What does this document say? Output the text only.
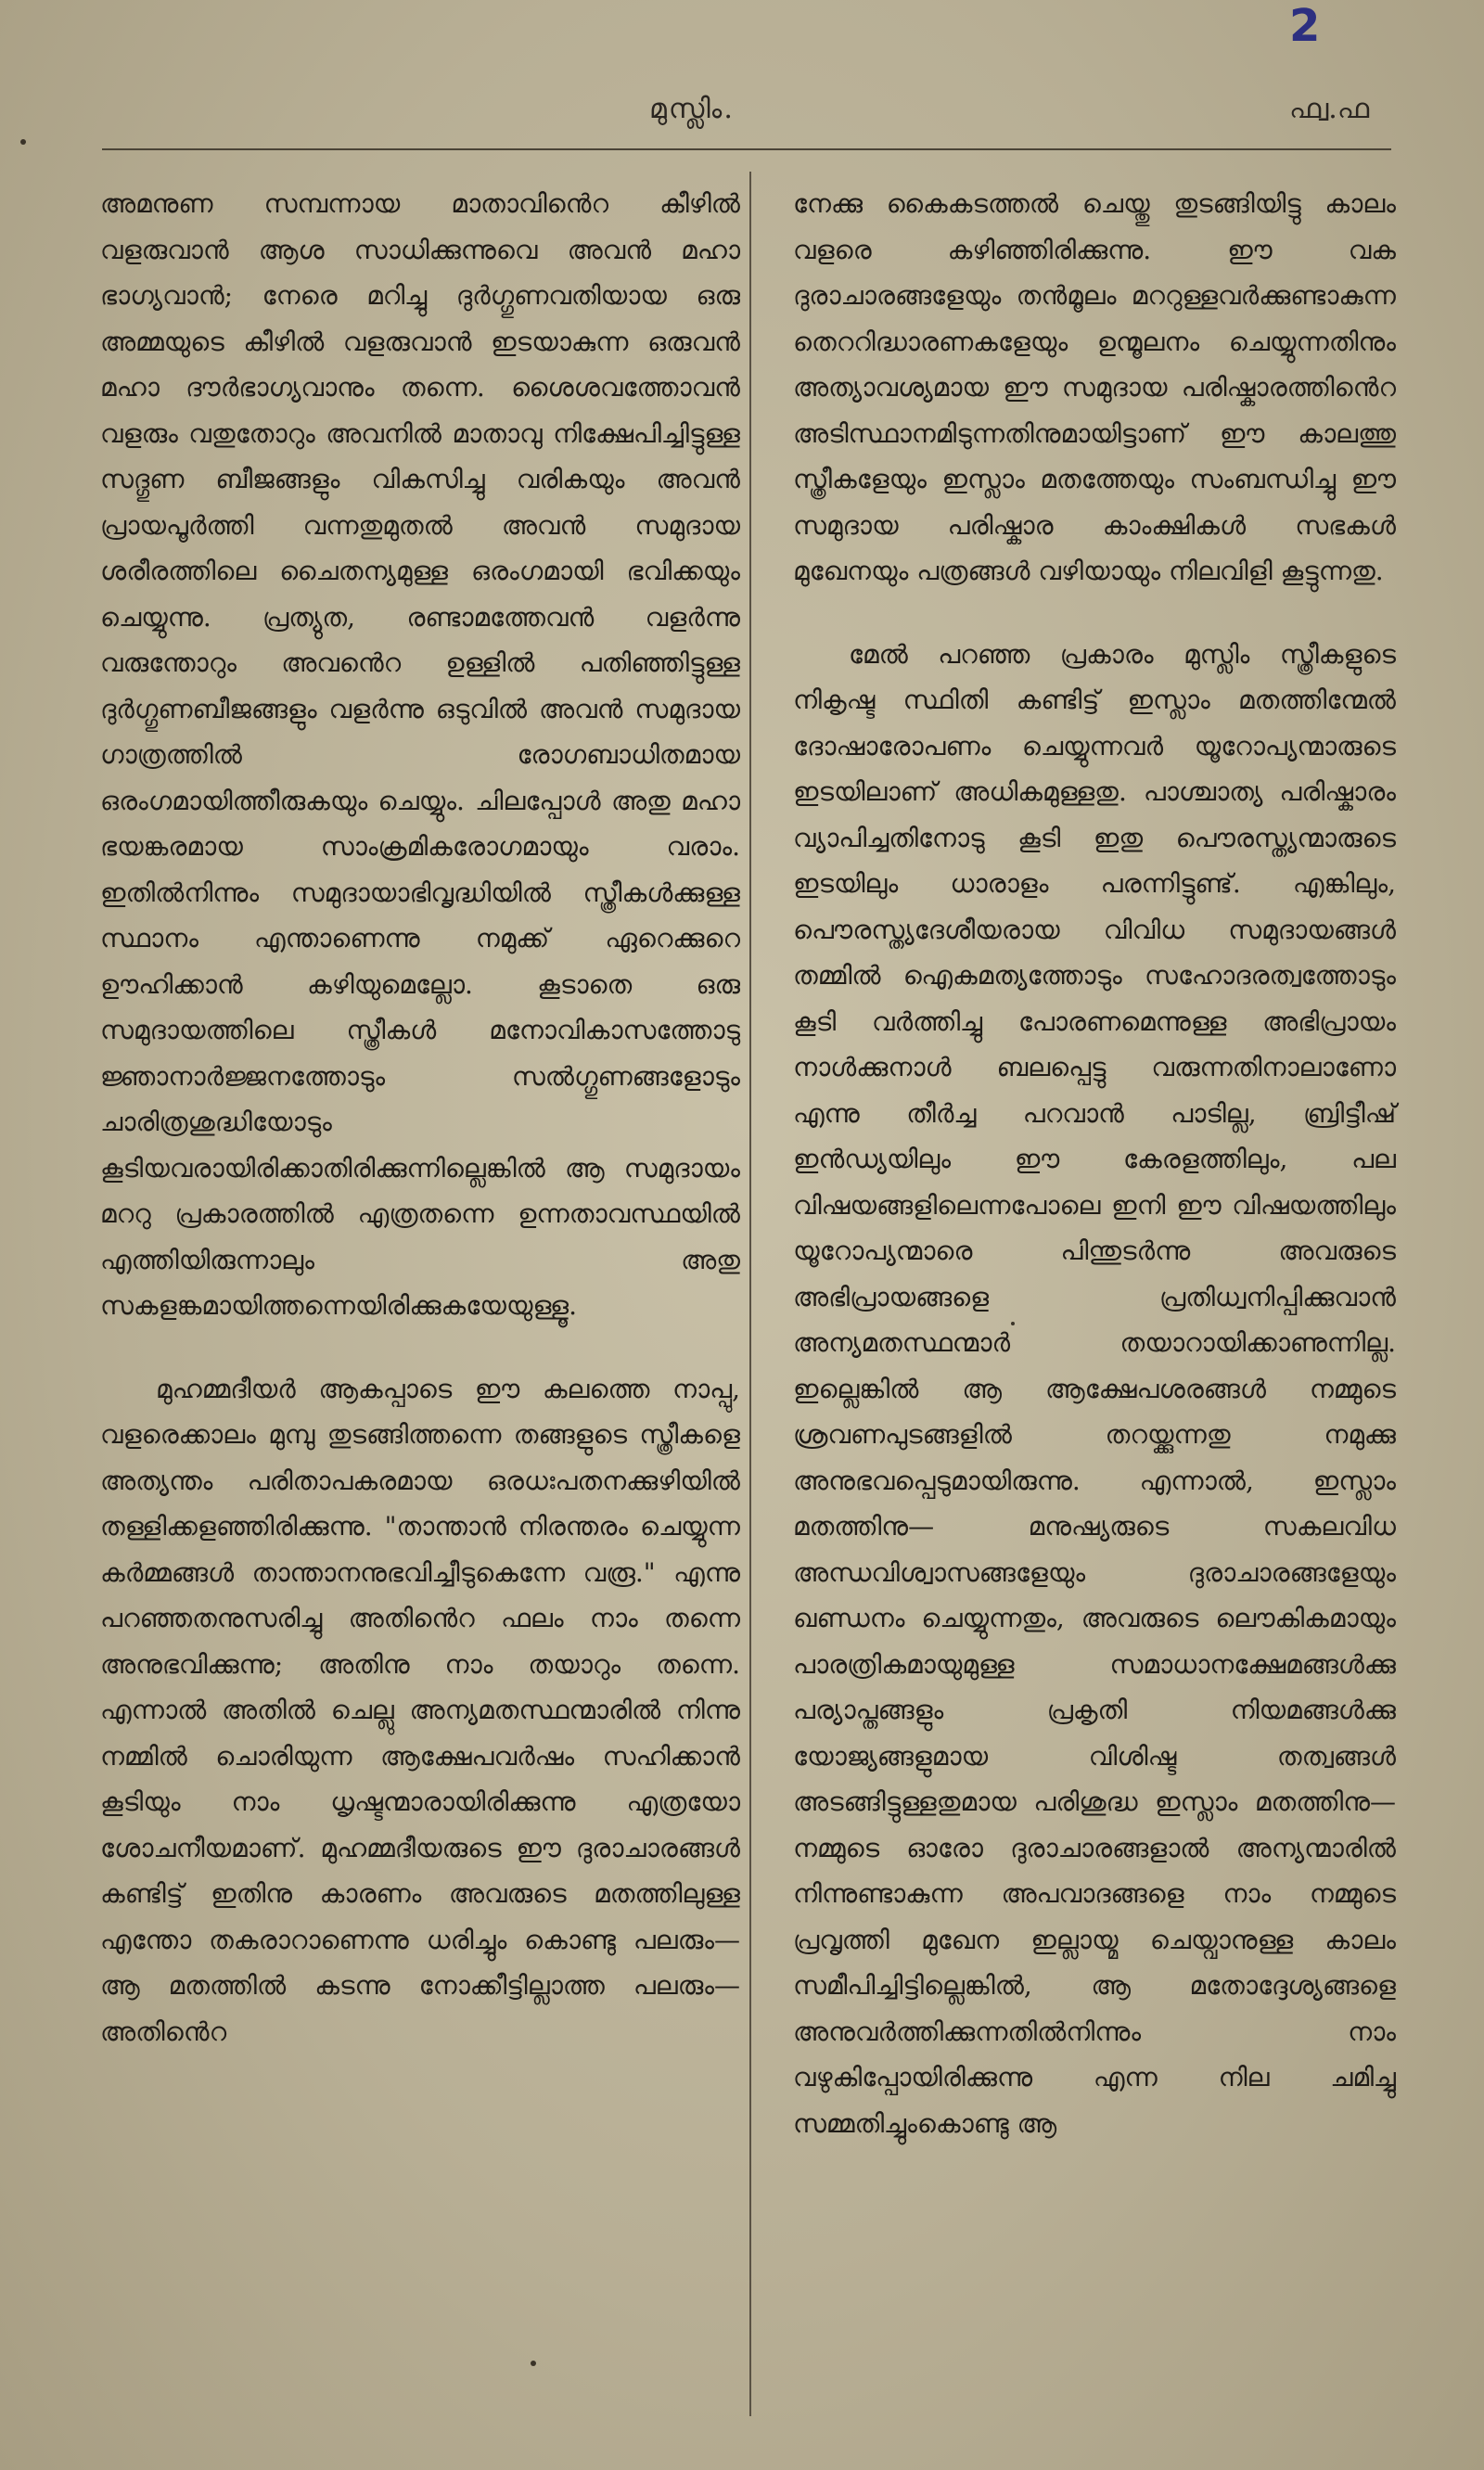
2
മുസ്ലിം.	ഫ്വ.ഫ

അമനുണ സമ്പന്നായ മാതാവിൻെറ കീഴിൽ വളരുവാൻ ആശ സാധിക്കുന്നുവെ അവൻ മഹാ ഭാഗ്യവാൻ; നേരെ മറിച്ചു ദുർഗ്ഗുണവതിയായ ഒരു അമ്മയുടെ കീഴിൽ വളരുവാൻ ഇടയാകുന്ന ഒരുവൻ മഹാ ദൗർഭാഗ്യവാനും തന്നെ. ശൈശവത്തോവൻ വളരും വതുതോറും അവനിൽ മാതാവു നിക്ഷേപിച്ചിട്ടുള്ള സദ്ഗുണ ബീജങ്ങളും വികസിച്ചു വരികയും അവൻ പ്രായപൂർത്തി വന്നതുമുതൽ അവൻ സമുദായ ശരീരത്തിലെ ചൈതന്യമുള്ള ഒരംഗമായി ഭവിക്കയും ചെയ്യുന്നു. പ്രത്യുത, രണ്ടാമത്തേവൻ വളർന്നു വരുന്തോറും അവൻെറ ഉള്ളിൽ പതിഞ്ഞിട്ടുള്ള ദുർഗ്ഗുണബീജങ്ങളും വളർന്നു ഒടുവിൽ അവൻ സമുദായ ഗാത്രത്തിൽ രോഗബാധിതമായ ഒരംഗമായിത്തീരുകയും ചെയ്യും. ചിലപ്പോൾ അതു മഹാ ഭയങ്കരമായ സാംക്രമികരോഗമായും വരാം. ഇതിൽനിന്നും സമുദായാഭിവൃദ്ധിയിൽ സ്ത്രീകൾക്കുള്ള സ്ഥാനം എന്താണെന്നു നമുക്ക് ഏറെക്കുറെ ഊഹിക്കാൻ കഴിയുമെല്ലോ. കൂടാതെ ഒരു സമുദായത്തിലെ സ്ത്രീകൾ മനോവികാസത്തോടു ജ്ഞാനാർജ്ജനത്തോടും സൽഗ്ഗുണങ്ങളോടും ചാരിത്രശുദ്ധിയോടും കൂടിയവരായിരിക്കാതിരിക്കുന്നില്ലെങ്കിൽ ആ സമുദായം മററു പ്രകാരത്തിൽ എത്രതന്നെ ഉന്നതാവസ്ഥയിൽ എത്തിയിരുന്നാലും അതു സകളങ്കമായിത്തന്നെയിരിക്കുകയേയുള്ളൂ.

മുഹമ്മദീയർ ആകപ്പാടെ ഈ കലത്തെ നാപ്പു, വളരെക്കാലം മുമ്പു തുടങ്ങിത്തന്നെ തങ്ങളുടെ സ്ത്രീകളെ അത്യന്തം പരിതാപകരമായ ഒരധഃപതനക്കുഴിയിൽ തള്ളിക്കളഞ്ഞിരിക്കുന്നു. "താന്താൻ നിരന്തരം ചെയ്യുന്ന കർമ്മങ്ങൾ താന്താനനുഭവിച്ചീടുകെന്നേ വരൂ." എന്നു പറഞ്ഞതനുസരിച്ചു അതിൻെറ ഫലം നാം തന്നെ അനുഭവിക്കുന്നു; അതിനു നാം തയാറും തന്നെ. എന്നാൽ അതിൽ ചെല്ലു അന്യമതസ്ഥന്മാരിൽ നിന്നു നമ്മിൽ ചൊരിയുന്ന ആക്ഷേപവർഷം സഹിക്കാൻ കൂടിയും നാം ധൃഷ്ടന്മാരായിരിക്കുന്നു എത്രയോ ശോചനീയമാണ്. മുഹമ്മദീയരുടെ ഈ ദുരാചാരങ്ങൾ കണ്ടിട്ട് ഇതിനു കാരണം അവരുടെ മതത്തിലുള്ള എന്തോ തകരാറാണെന്നു ധരിച്ചും കൊണ്ടു പലരും— ആ മതത്തിൽ കടന്നു നോക്കീട്ടില്ലാത്ത പലരും— അതിൻെറ

നേക്കു കൈകടത്തൽ ചെയ്തു തുടങ്ങിയിട്ടു കാലം വളരെ കഴിഞ്ഞിരിക്കുന്നു. ഈ വക ദുരാചാരങ്ങളേയും തൻമൂലം മററുള്ളവർക്കുണ്ടാകുന്ന തെററിദ്ധാരണകളേയും ഉന്മൂലനം ചെയ്യുന്നതിനും അത്യാവശ്യമായ ഈ സമുദായ പരിഷ്കാരത്തിൻെറ അടിസ്ഥാനമിടുന്നതിനുമായിട്ടാണ് ഈ കാലത്തു സ്ത്രീകളേയും ഇസ്ലാം മതത്തേയും സംബന്ധിച്ചു ഈ സമുദായ പരിഷ്കാര കാംക്ഷികൾ സഭകൾ മുഖേനയും പത്രങ്ങൾ വഴിയായും നിലവിളി കൂട്ടുന്നതു.

മേൽ പറഞ്ഞ പ്രകാരം മുസ്ലിം സ്ത്രീകളുടെ നികൃഷ്ട സ്ഥിതി കണ്ടിട്ട് ഇസ്ലാം മതത്തിന്മേൽ ദോഷാരോപണം ചെയ്യുന്നവർ യൂറോപ്യന്മാരുടെ ഇടയിലാണ് അധികമുള്ളതു. പാശ്ചാത്യ പരിഷ്കാരം വ്യാപിച്ചതിനോടു കൂടി ഇതു പൌരസ്ത്യന്മാരുടെ ഇടയിലും ധാരാളം പരന്നിട്ടുണ്ട്. എങ്കിലും, പൌരസ്ത്യദേശീയരായ വിവിധ സമുദായങ്ങൾ തമ്മിൽ ഐകമത്യത്തോടും സഹോദരത്വത്തോടും കൂടി വർത്തിച്ചു പോരണമെന്നുള്ള അഭിപ്രായം നാൾക്കുനാൾ ബലപ്പെട്ടു വരുന്നതിനാലാണോ എന്നു തീർച്ച പറവാൻ പാടില്ല, ബ്രിട്ടീഷ് ഇൻഡ്യയിലും ഈ കേരളത്തിലും, പല വിഷയങ്ങളിലെന്നപോലെ ഇനി ഈ വിഷയത്തിലും യൂറോപ്യന്മാരെ പിന്തുടർന്നു അവരുടെ അഭിപ്രായങ്ങളെ പ്രതിധ്വനിപ്പിക്കുവാൻ അന്യമതസ്ഥന്മാർ തയാറായിക്കാണുന്നില്ല. ഇല്ലെങ്കിൽ ആ ആക്ഷേപശരങ്ങൾ നമ്മുടെ ശ്രവണപുടങ്ങളിൽ തറയ്ക്കുന്നതു നമുക്കു അനുഭവപ്പെടുമായിരുന്നു. എന്നാൽ, ഇസ്ലാം മതത്തിനു— മനുഷ്യരുടെ സകലവിധ അന്ധവിശ്വാസങ്ങളേയും ദുരാചാരങ്ങളേയും ഖണ്ഡനം ചെയ്യുന്നതും, അവരുടെ ലൌകികമായും പാരത്രികമായുമുള്ള സമാധാനക്ഷേമങ്ങൾക്കു പര്യാപ്തങ്ങളും പ്രകൃതി നിയമങ്ങൾക്കു യോജ്യങ്ങളുമായ വിശിഷ്ട തത്വങ്ങൾ അടങ്ങിട്ടുള്ളതുമായ പരിശുദ്ധ ഇസ്ലാം മതത്തിനു— നമ്മുടെ ഓരോ ദുരാചാരങ്ങളാൽ അന്യന്മാരിൽ നിന്നുണ്ടാകുന്ന അപവാദങ്ങളെ നാം നമ്മുടെ പ്രവൃത്തി മുഖേന ഇല്ലായ്മ ചെയ്വാനുള്ള കാലം സമീപിച്ചിട്ടില്ലെങ്കിൽ, ആ മതോദ്ദേശ്യങ്ങളെ അനുവർത്തിക്കുന്നതിൽനിന്നും നാം വഴുകിപ്പോയിരിക്കുന്നു എന്ന നില ചമിച്ചു സമ്മതിച്ചുംകൊണ്ടു ആ
